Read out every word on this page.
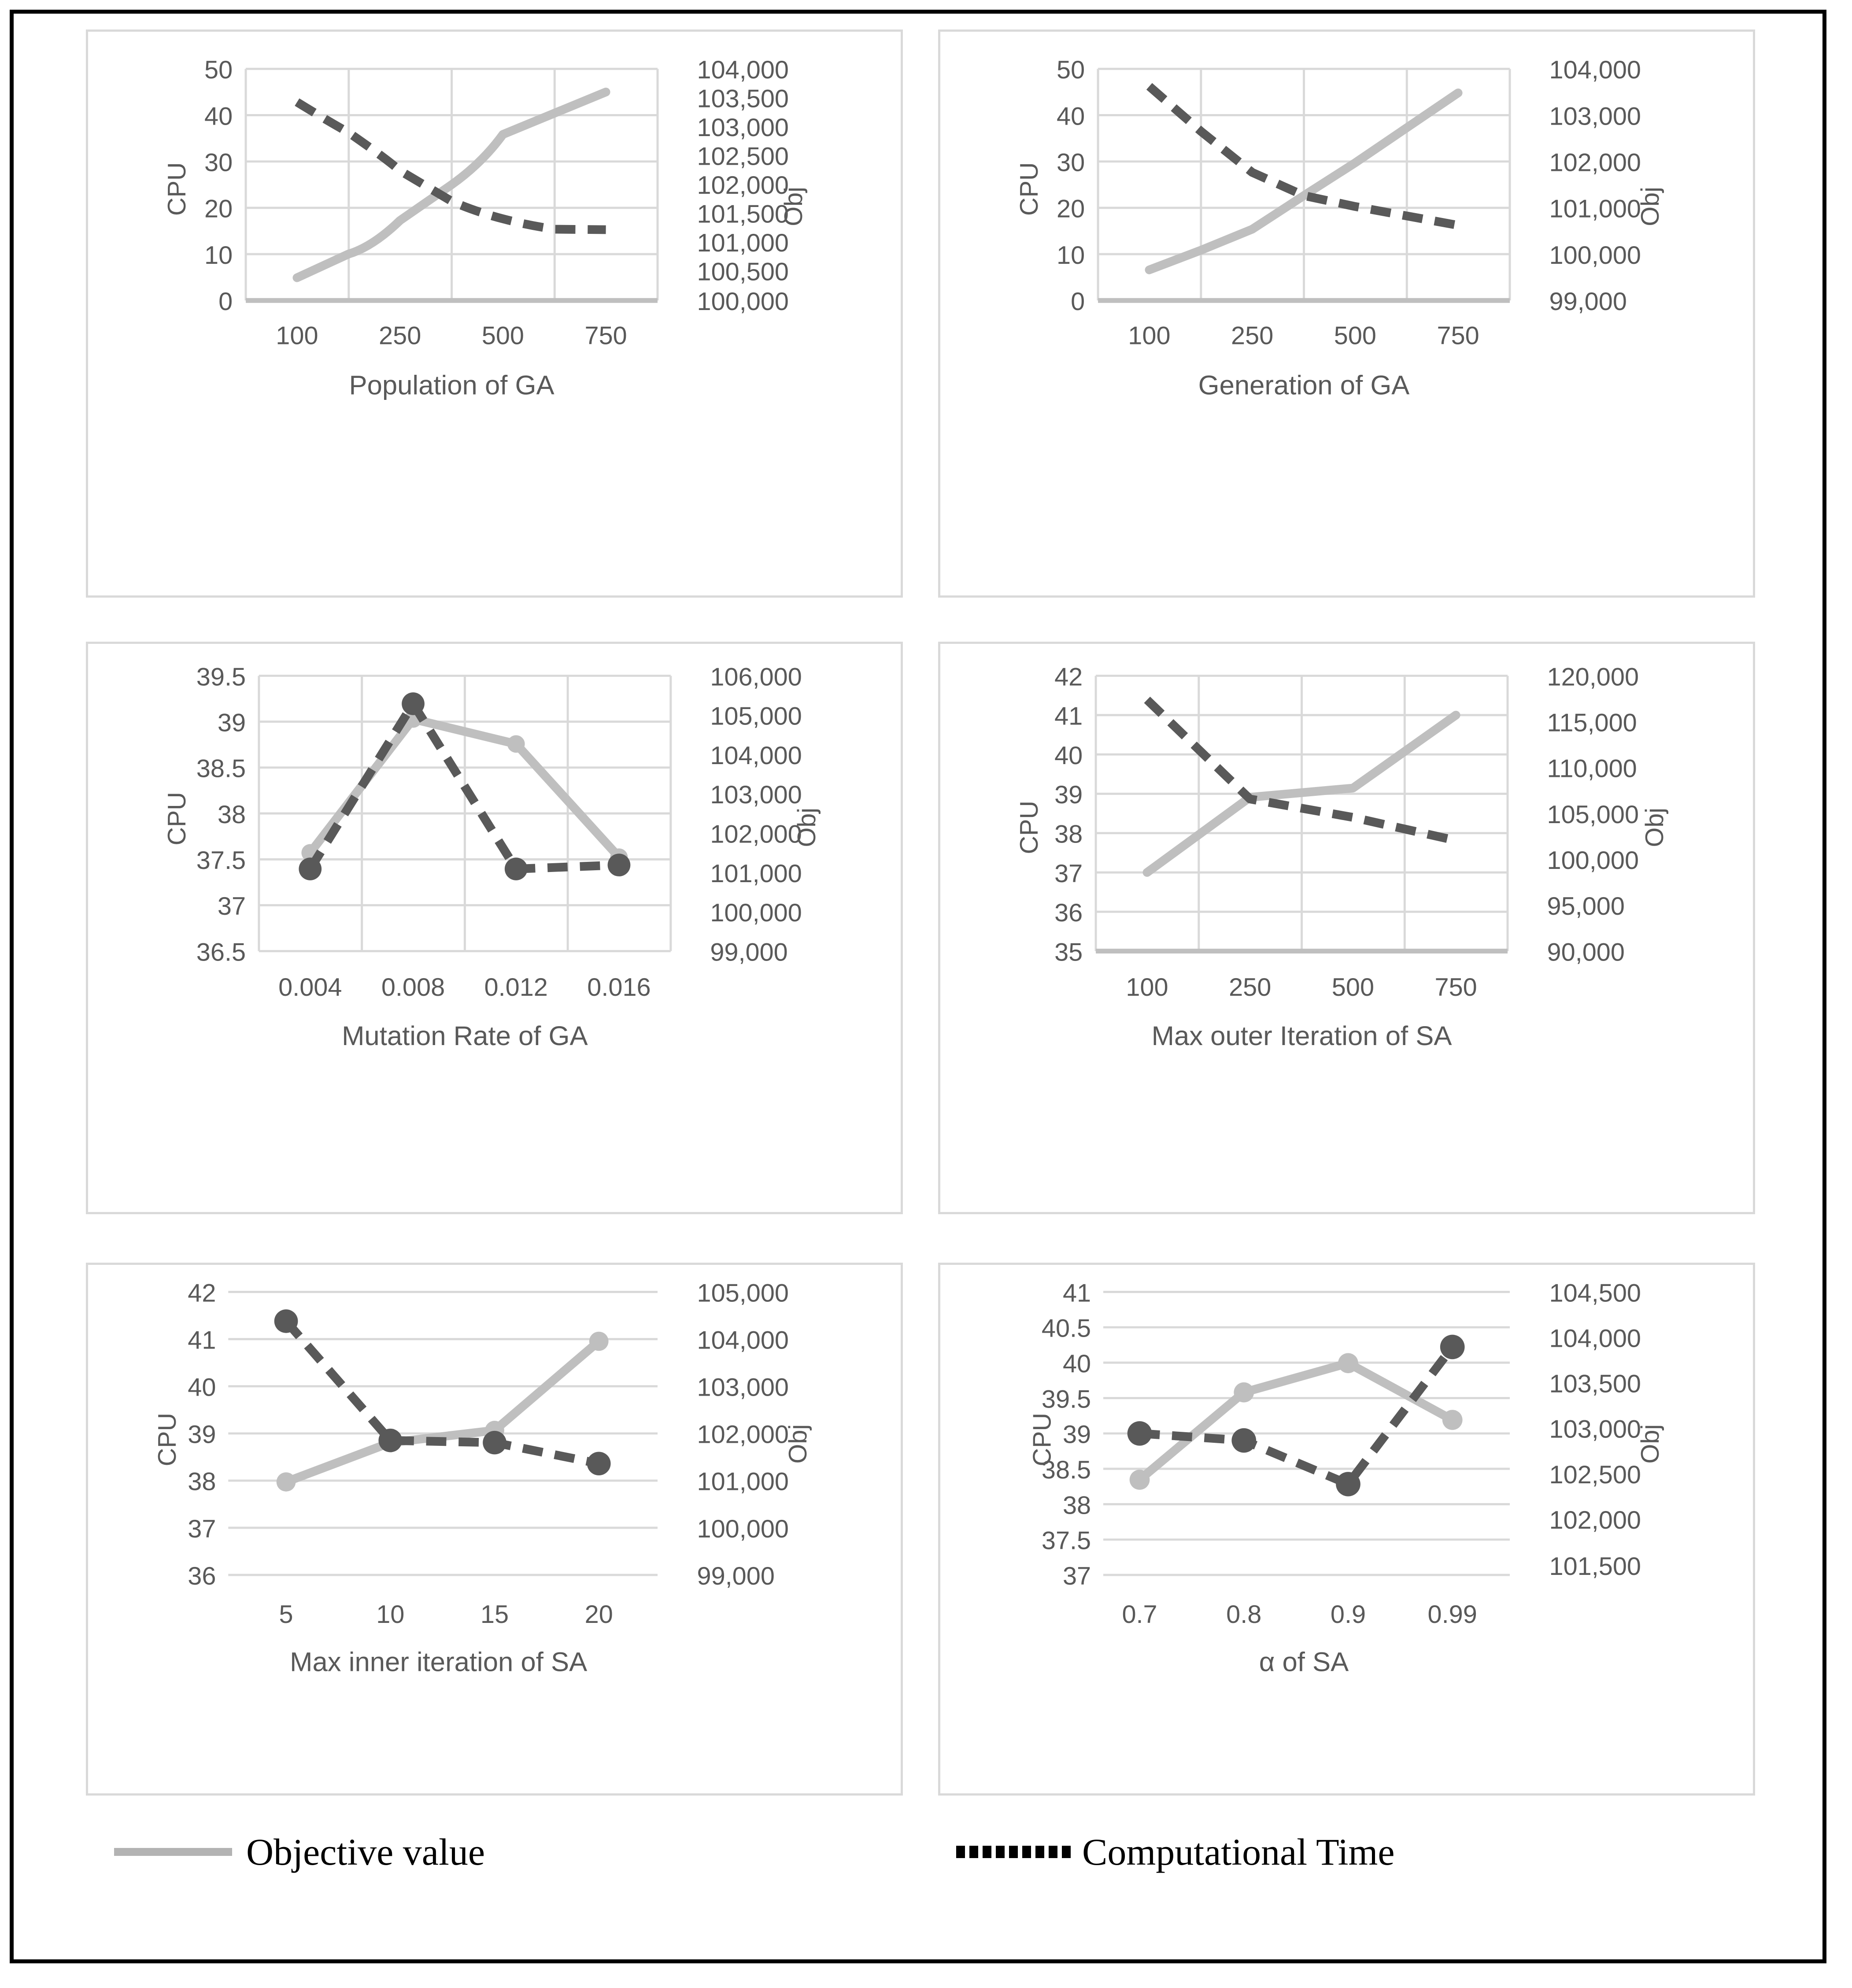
50
40
30
20
10
0
104,000
103,500
103,000
102,500
102,000
101,500
101,000
100,500
100,000
100 250 500 750
CPU	Obj
Population of GA
50
40
30
20
10
0
104,000
103,000
102,000
101,000
100,000
99,000
100 250 500 750
CPU	Obj
Generation of GA
39.5
39
38.5
38
37.5
37
36.5
106,000
105,000
104,000
103,000
102,000
101,000
100,000
99,000
0.004 0.008 0.012 0.016
CPU	Obj
Mutation Rate of GA
42
41
40
39
38
37
36
35
120,000
115,000
110,000
105,000
100,000
95,000
90,000
100 250 500 750
CPU	Obj
Max outer Iteration of SA
42
41
40
39
38
37
36
105,000
104,000
103,000
102,000
101,000
100,000
99,000
5	10	15	20
CPU	Obj
Max inner iteration of SA
41
40.5
40
39.5
39
38.5
38
37.5
37
104,500
104,000
103,500
103,000
102,500
102,000
101,500
0.7	0.8	0.9 0.99
CPU	Obj
α of SA
Objective value	Computational Time
